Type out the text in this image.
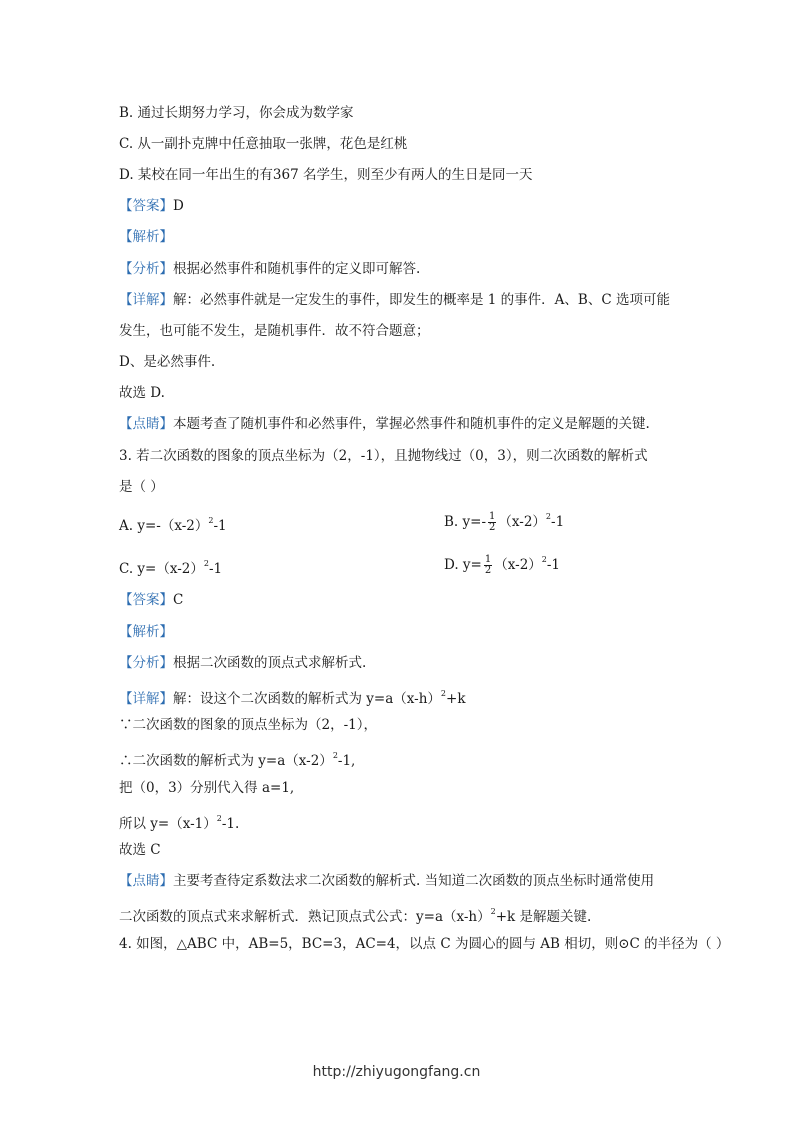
B. 通过长期努力学习，你会成为数学家
C. 从一副扑克牌中任意抽取一张牌，花色是红桃
D. 某校在同一年出生的有367 名学生，则至少有两人的生日是同一天
【答案】D
【解析】
【分析】根据必然事件和随机事件的定义即可解答.
【详解】解：必然事件就是一定发生的事件，即发生的概率是 1 的事件．A、B、C 选项可能
发生，也可能不发生，是随机事件．故不符合题意；
D、是必然事件.
故选 D.
【点睛】本题考查了随机事件和必然事件，掌握必然事件和随机事件的定义是解题的关键.
3. 若二次函数的图象的顶点坐标为（2，-1），且抛物线过（0，3），则二次函数的解析式
是（ ）
A. $y=-(x-2)^2-1$	B. $y=- \frac{1}{2} (x-2)^2-1$
C. $y=(x-2)^2-1$	D. $y= \frac{1}{2} (x-2)^2-1$
【答案】C
【解析】
【分析】根据二次函数的顶点式求解析式.
【详解】解：设这个二次函数的解析式为 $y=a(x-h)^2+k$
∵二次函数的图象的顶点坐标为（2，-1），
∴二次函数的解析式为 $y=a(x-2)^2-1$,
把（0，3）分别代入得 a=1,
所以 $y=(x-1)^2-1$.
故选 C
【点睛】主要考查待定系数法求二次函数的解析式. 当知道二次函数的顶点坐标时通常使用
二次函数的顶点式来求解析式．熟记顶点式公式：$y=a(x-h)^2+k$ 是解题关键.
4. 如图，△ABC 中，AB=5，BC=3，AC=4，以点 C 为圆心的圆与 AB 相切，则⊙C 的半径为（ ）
http://zhiyugongfang.cn
